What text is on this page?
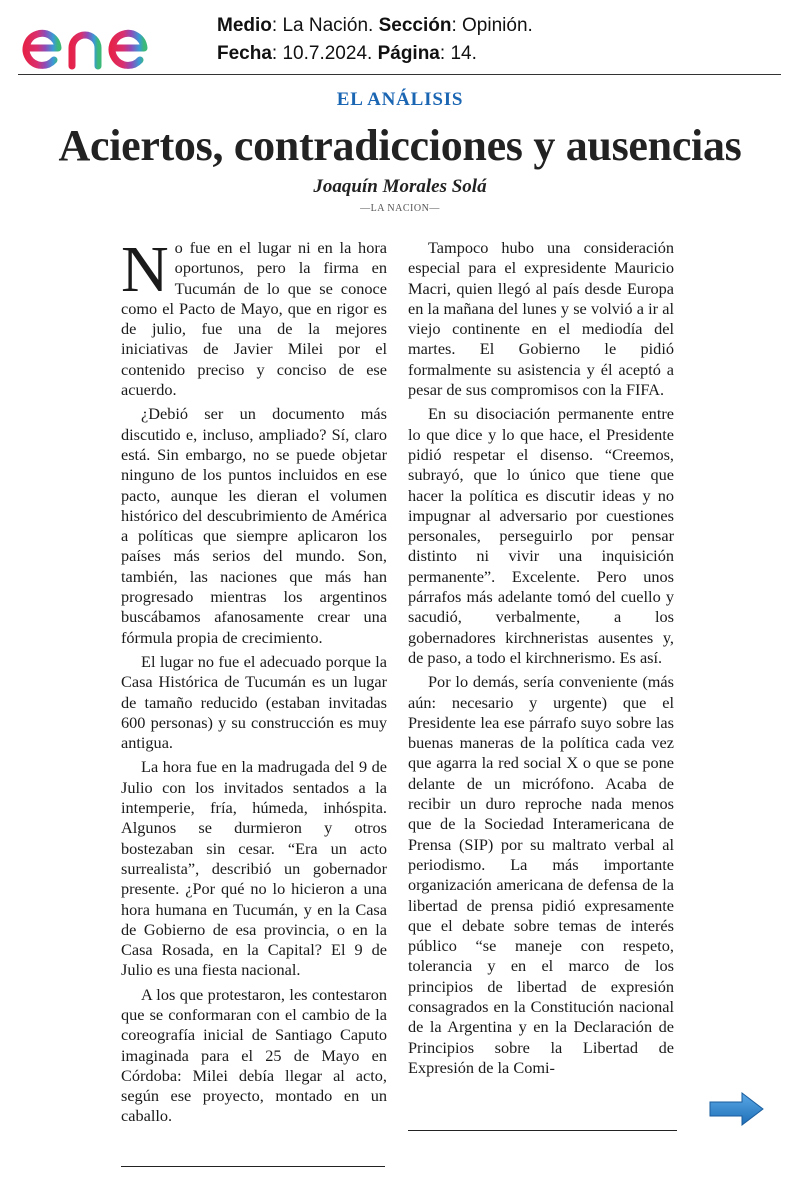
Medio: La Nación. Sección: Opinión.
Fecha: 10.7.2024. Página: 14.
EL ANÁLISIS
Aciertos, contradicciones y ausencias
Joaquín Morales Solá
—LA NACION—

No fue en el lugar ni en la hora oportunos, pero la firma en Tucumán de lo que se conoce como el Pacto de Mayo, que en rigor es de julio, fue una de la mejores iniciativas de Javier Milei por el contenido preciso y conciso de ese acuerdo.

¿Debió ser un documento más discutido e, incluso, ampliado? Sí, claro está. Sin embargo, no se puede objetar ninguno de los puntos incluidos en ese pacto, aunque les dieran el volumen histórico del descubrimiento de América a políticas que siempre aplicaron los países más serios del mundo. Son, también, las naciones que más han progresado mientras los argentinos buscábamos afanosamente crear una fórmula propia de crecimiento.

El lugar no fue el adecuado porque la Casa Histórica de Tucumán es un lugar de tamaño reducido (estaban invitadas 600 personas) y su construcción es muy antigua.

La hora fue en la madrugada del 9 de Julio con los invitados sentados a la intemperie, fría, húmeda, inhóspita. Algunos se durmieron y otros bostezaban sin cesar. “Era un acto surrealista”, describió un gobernador presente. ¿Por qué no lo hicieron a una hora humana en Tucumán, y en la Casa de Gobierno de esa provincia, o en la Casa Rosada, en la Capital? El 9 de Julio es una fiesta nacional.

A los que protestaron, les contestaron que se conformaran con el cambio de la coreografía inicial de Santiago Caputo imaginada para el 25 de Mayo en Córdoba: Milei debía llegar al acto, según ese proyecto, montado en un caballo.

Tampoco hubo una consideración especial para el expresidente Mauricio Macri, quien llegó al país desde Europa en la mañana del lunes y se volvió a ir al viejo continente en el mediodía del martes. El Gobierno le pidió formalmente su asistencia y él aceptó a pesar de sus compromisos con la FIFA.

En su disociación permanente entre lo que dice y lo que hace, el Presidente pidió respetar el disenso. “Creemos, subrayó, que lo único que tiene que hacer la política es discutir ideas y no impugnar al adversario por cuestiones personales, perseguirlo por pensar distinto ni vivir una inquisición permanente”. Excelente. Pero unos párrafos más adelante tomó del cuello y sacudió, verbalmente, a los gobernadores kirchneristas ausentes y, de paso, a todo el kirchnerismo. Es así.

Por lo demás, sería conveniente (más aún: necesario y urgente) que el Presidente lea ese párrafo suyo sobre las buenas maneras de la política cada vez que agarra la red social X o que se pone delante de un micrófono. Acaba de recibir un duro reproche nada menos que de la Sociedad Interamericana de Prensa (SIP) por su maltrato verbal al periodismo. La más importante organización americana de defensa de la libertad de prensa pidió expresamente que el debate sobre temas de interés público “se maneje con respeto, tolerancia y en el marco de los principios de libertad de expresión consagrados en la Constitución nacional de la Argentina y en la Declaración de Principios sobre la Libertad de Expresión de la Comi-
